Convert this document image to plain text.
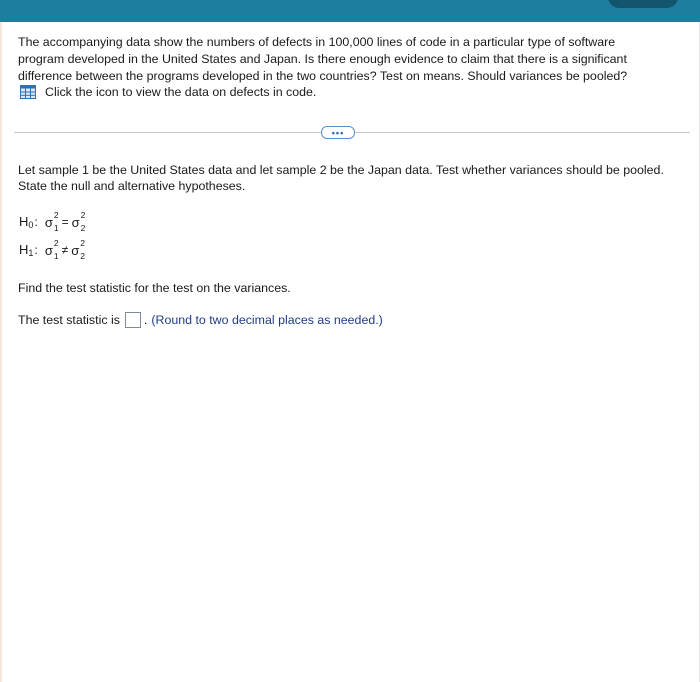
The accompanying data show the numbers of defects in 100,000 lines of code in a particular type of software program developed in the United States and Japan. Is there enough evidence to claim that there is a significant difference between the programs developed in the two countries? Test on means. Should variances be pooled?
Click the icon to view the data on defects in code.
•••
Let sample 1 be the United States data and let sample 2 be the Japan data. Test whether variances should be pooled. State the null and alternative hypotheses.
$H_0$ : σ 2
1 = σ 2
2
$H_1$ : σ 2
1 ≠ σ 2
2
Find the test statistic for the test on the variances.
The test statistic is . (Round to two decimal places as needed.)
